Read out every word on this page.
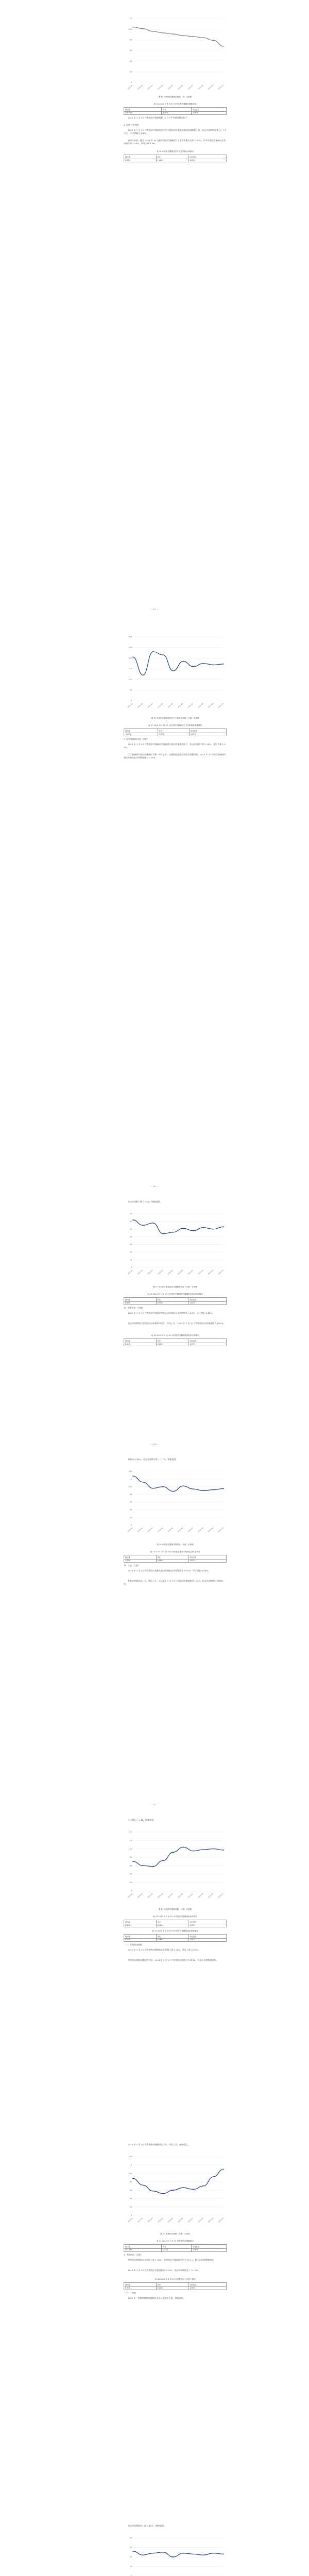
120
100
80
60
40
20
0
2023-01 2023-02 2023-03 2023-04 2023-05 2023-06 2023-07 2023-08 2023-09 2023-10
图 15 甲类医疗器械类指数（月）走势图
表 15 2023 年 1 至 10 月甲类医疗器械类指数情况
指标值	环比	同比变化
100.00%	3.00%	2.00%

2023 年 1 至 10 月甲类医疗器械指数 12 个月平均增长情况如下：

8. 医疗卫生机构

2023 年 1 至 10 月甲类医疗器械类医疗卫生机构出库量情况相较前期略有下降，较去年同期增加 1.07 个百分点，环比增幅为 1.1%。

较同比来看，截至 2023 年 10 月底甲类医疗器械医疗卫生机构累计出库 1.57%，其中甲类医疗器械较去年同期下降 2.08%，环比下降 1.8%。

表 16 甲类医疗器械类医疗卫生机构出库情况
指标值	环比	同比变化
1.07%	1.10%	2.08%
— 19 —
300
250
200
150
100
50
0
2023-01 2023-02 2023-03 2023-04 2023-05 2023-06 2023-07 2023-08 2023-09 2023-10
图 16 甲类医疗器械类医疗卫生机构出库量（月度）走势图
表 17 2023 年 1 至 10 月甲类医疗器械医疗卫生机构出库量情况
指标值	环比	同比变化
-1.62%	2.27%	1.09%

9. 医疗器械供应商（月度）

2023 年 1 至 10 月甲类医疗器械医疗器械供应商出库量情况如下，较去年同期下降 1.36%，环比下降 1.02%。

医疗器械供应商出库量同比下降，环比上升，主要原因是供应商库存调整所致。2023 年 10 月医疗器械供应商出库量较去年同期变化为 6.65%。

— 20 —

较去年同期下降了 0.54，增速放缓。

70
60
50
40
30
20
10
0
2023-01 2023-02 2023-03 2023-04 2023-05 2023-06 2023-07 2023-08 2023-09 2023-10
图 17 甲类医疗器械类医疗器械供应商（月度）走势图
表 18 2023 年 1 至 10 月甲类医疗器械医疗器械供应商出库量情况
指标值	环比	同比变化
6.65%	0.54%	1.02%

10. 零售药店（月度）

2023 年 1 至 10 月甲类医疗器械零售药店出库量较去年同期增长 0.40%，环比增长 0.12%。

较去年同期相比零售药店出库量保持稳定，环比上升。2023 年 1 至 10 月零售药店出库量指数为 100.4。

表 19 2023 年 1 至 10 月甲类医疗器械零售药店出库情况
指标值	环比	同比变化
0.40%	0.12%	1.07%
— 21 —

指数为 0.40%，较去年同期下降了 1.7%，增速放缓。

140
120
100
80
60
40
20
0
2023-01 2023-02 2023-03 2023-04 2023-05 2023-06 2023-07 2023-08 2023-09 2023-10
图 18 甲类医疗器械零售药店（月度）走势图
表 20 2023 年 1 至 10 月甲类医疗器械零售药店出库量情况
指标值	环比	同比变化
1.70%	0.40%	1.07%

11. 其他（月度）

2023 年 1 至 10 月甲类医疗器械其他出库量较去年同期增长 0.62%，环比增长 0.46%。

其他出库量同比上升，环比上升。2023 年 1 至 10 月其他出库量指数为 100.6，较去年同期相比增速加快。

— 22 —

环比增长了 0.46，增速加快。

140
120
100
80
60
40
20
0
2023-01 2023-02 2023-03 2023-04 2023-05 2023-06 2023-07 2023-08 2023-09 2023-10
图 19 甲类医疗器械其他（月度）走势图
表 21 2023 年 1 至 10 月甲类医疗器械其他出库情况
指标值	环比	同比变化
0.62%	0.46%	1.05%
表 22 2023 年 1 至 10 月甲类医疗器械其他出库量情况
指标值	环比	同比变化
0.62%	0.46%	1.05%

（二）零售药店指数

2023 年 1 至 10 月零售药店指数较去年同期上涨 1.56%，环比上涨 0.52%。

零售药店指数总体趋势平稳，2023 年 1 至 10 月零售药店指数为 101.56，较去年同期增速加快。

2023 年 1 至 10 月零售药店指数同比上升，环比上升，保持稳定。

140
120
100
80
60
40
20
0
2023-01 2023-02 2023-03 2023-04 2023-05 2023-06 2023-07 2023-08 2023-09 2023-10
图 20 零售药店指数（月度）走势图
表 23 2023 年 1 至 10 月零售药店指数情况
指标值	环比	同比变化
101.56%	0.52%	1.56%

1. 零售药店（月度）

零售药店指数较去年同期上涨 1.56%，零售药店月度指数平均为 101.3，较去年同期增速加快。

2023 年 1 至 10 月零售药店月度指数为 0.52%，较去年同期增长了 0.12%。

表 24 2023 年 1 至 10 月零售药店（月度）情况
指标值	环比	同比变化
0.52%	0.12%	1.56%

（三）一季度

2023 年一季度零售药店指数较去年同期相比上涨，增速加快。

较去年同期相比上涨 0.40%，增速放缓。

40
30
20
10
